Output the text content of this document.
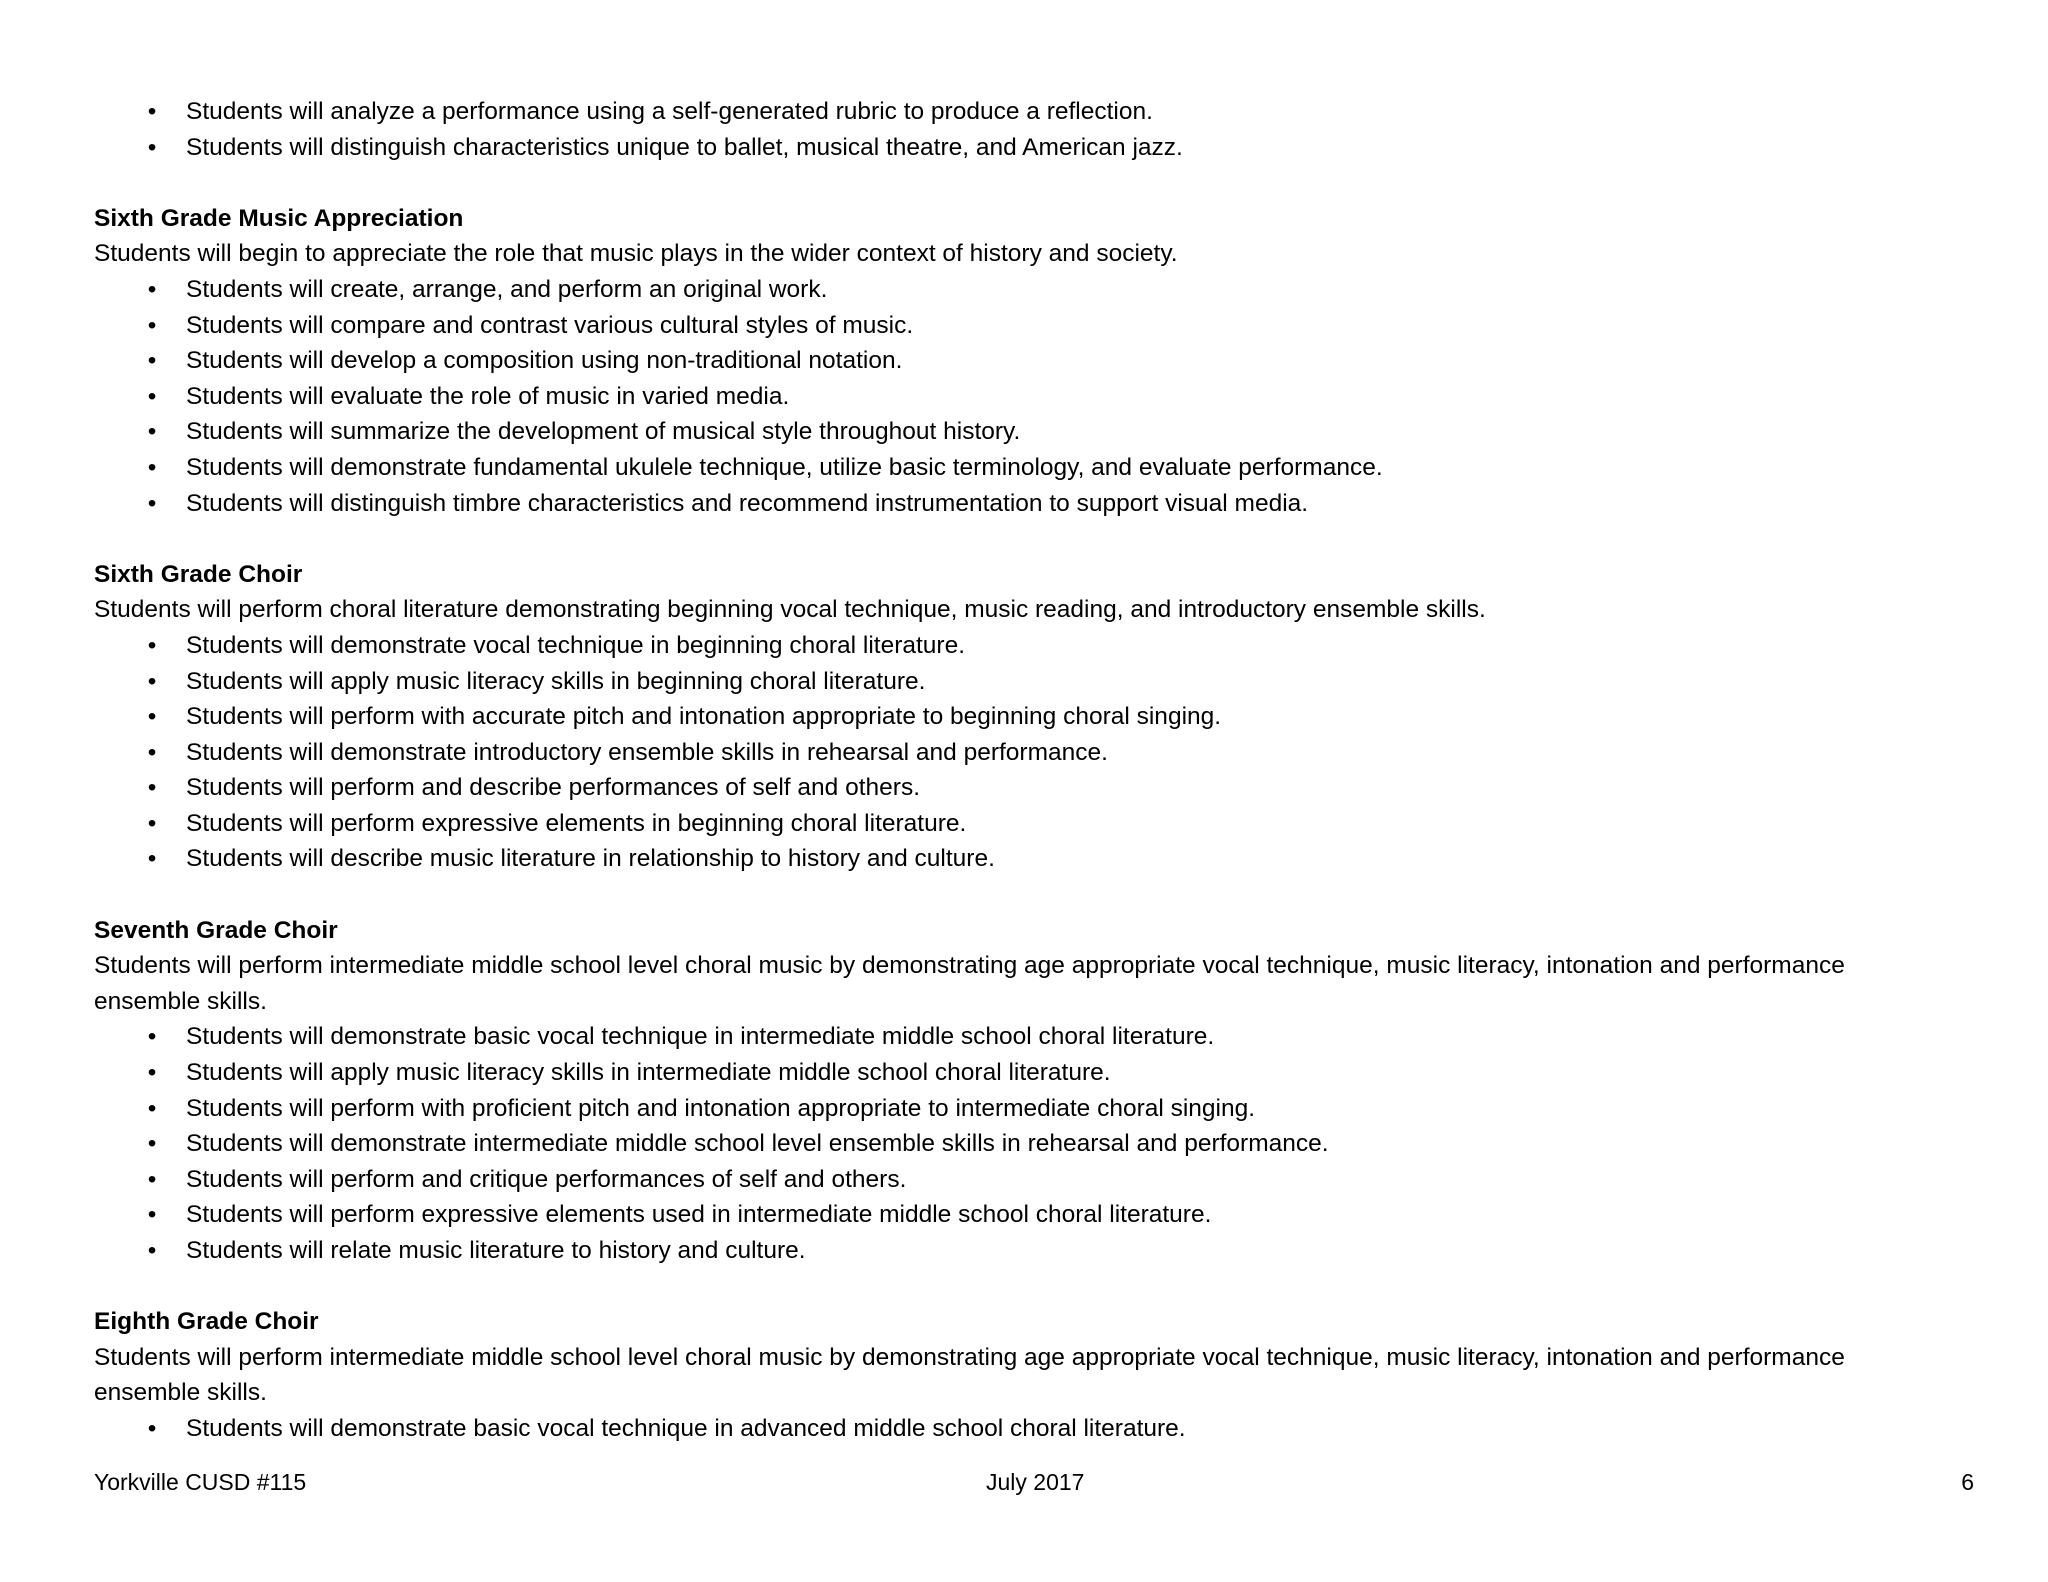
• Students will analyze a performance using a self-generated rubric to produce a reflection.
• Students will distinguish characteristics unique to ballet, musical theatre, and American jazz.
Sixth Grade Music Appreciation
Students will begin to appreciate the role that music plays in the wider context of history and society.
• Students will create, arrange, and perform an original work.
• Students will compare and contrast various cultural styles of music.
• Students will develop a composition using non-traditional notation.
• Students will evaluate the role of music in varied media.
• Students will summarize the development of musical style throughout history.
• Students will demonstrate fundamental ukulele technique, utilize basic terminology, and evaluate performance.
• Students will distinguish timbre characteristics and recommend instrumentation to support visual media.
Sixth Grade Choir
Students will perform choral literature demonstrating beginning vocal technique, music reading, and introductory ensemble skills.
• Students will demonstrate vocal technique in beginning choral literature.
• Students will apply music literacy skills in beginning choral literature.
• Students will perform with accurate pitch and intonation appropriate to beginning choral singing.
• Students will demonstrate introductory ensemble skills in rehearsal and performance.
• Students will perform and describe performances of self and others.
• Students will perform expressive elements in beginning choral literature.
• Students will describe music literature in relationship to history and culture.
Seventh Grade Choir
Students will perform intermediate middle school level choral music by demonstrating age appropriate vocal technique, music literacy, intonation and performance ensemble skills.
• Students will demonstrate basic vocal technique in intermediate middle school choral literature.
• Students will apply music literacy skills in intermediate middle school choral literature.
• Students will perform with proficient pitch and intonation appropriate to intermediate choral singing.
• Students will demonstrate intermediate middle school level ensemble skills in rehearsal and performance.
• Students will perform and critique performances of self and others.
• Students will perform expressive elements used in intermediate middle school choral literature.
• Students will relate music literature to history and culture.
Eighth Grade Choir
Students will perform intermediate middle school level choral music by demonstrating age appropriate vocal technique, music literacy, intonation and performance ensemble skills.
• Students will demonstrate basic vocal technique in advanced middle school choral literature.
Yorkville CUSD #115	July 2017	6
